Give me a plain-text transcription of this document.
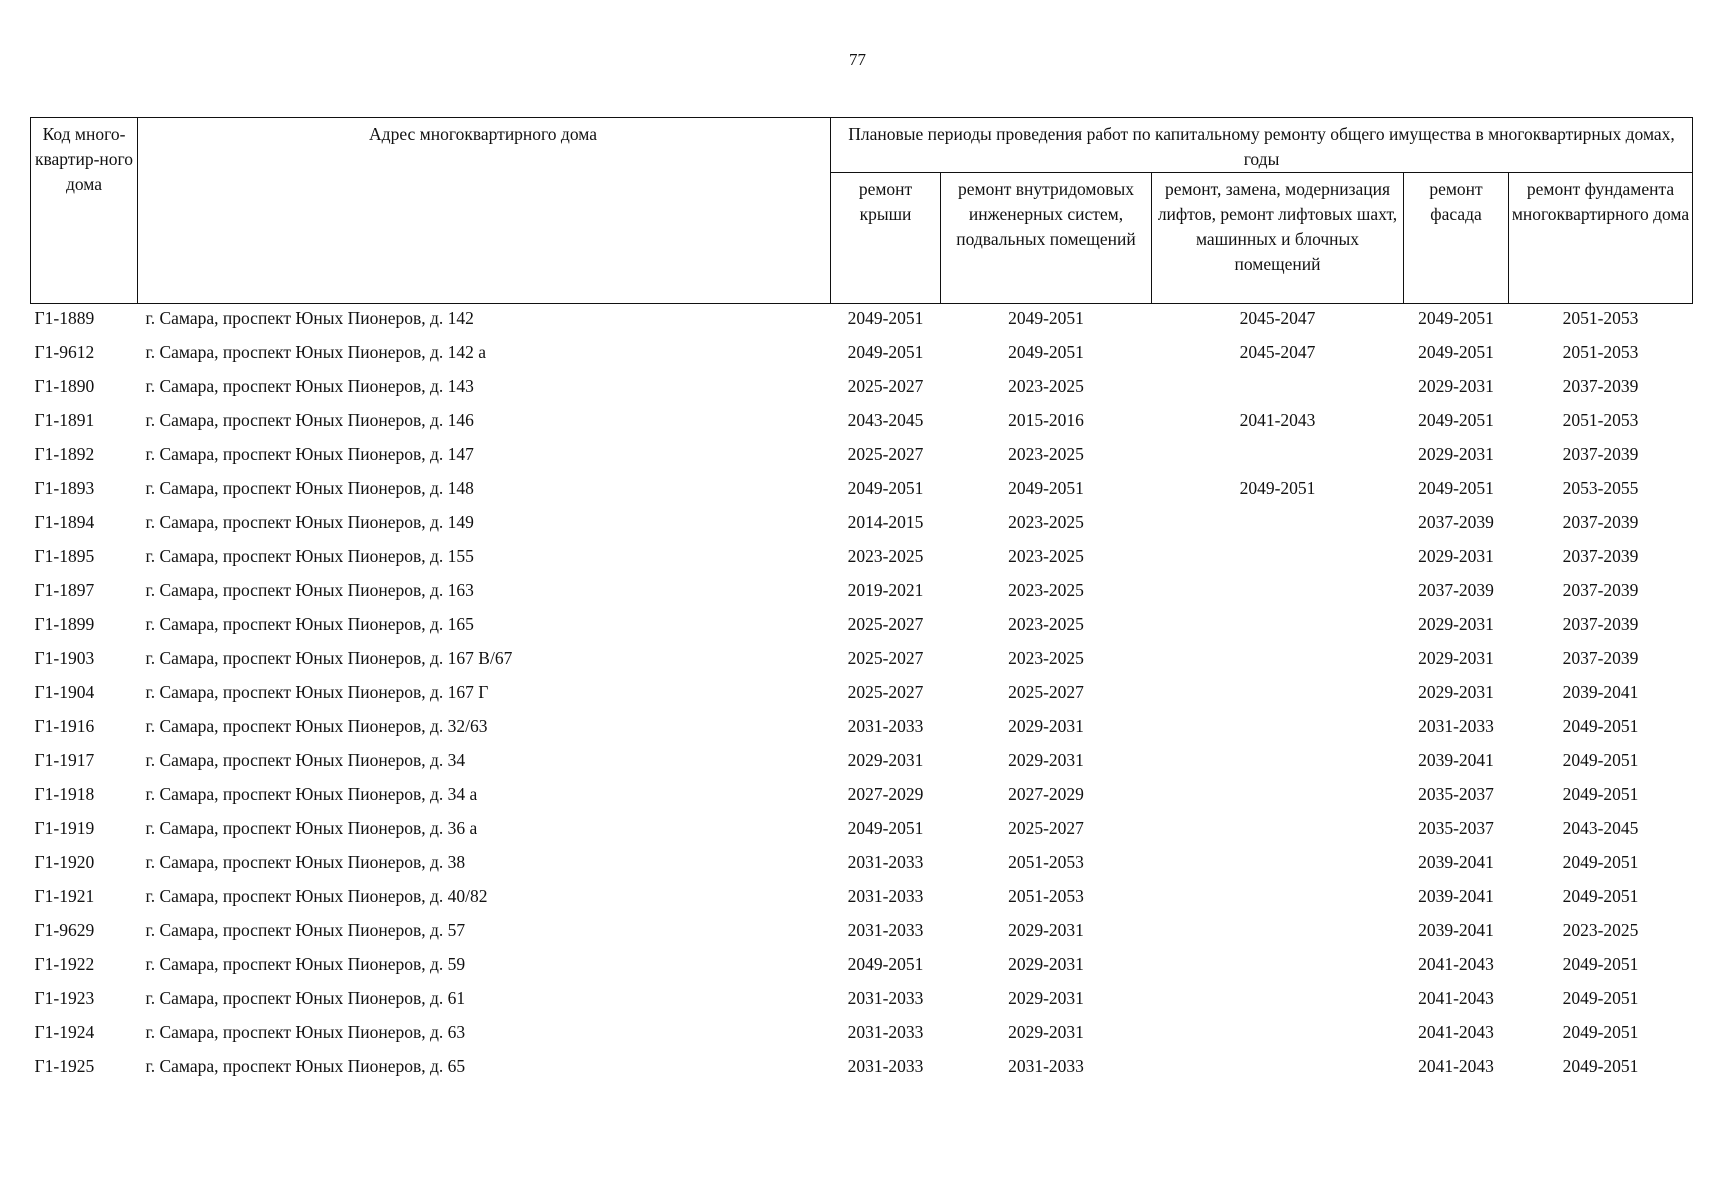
77
Код много-квартир-ного дома	Адрес многоквартирного дома	Плановые периоды проведения работ по капитальному ремонту общего имущества в многоквартирных домах, годы				
		ремонт крыши	ремонт внутридомовых инженерных систем, подвальных помещений	ремонт, замена, модернизация лифтов, ремонт лифтовых шахт, машинных и блочных помещений	ремонт фасада	ремонт фундамента многоквартирного дома
Г1-1889	г. Самара, проспект Юных Пионеров, д. 142	2049-2051	2049-2051	2045-2047	2049-2051	2051-2053
Г1-9612	г. Самара, проспект Юных Пионеров, д. 142 а	2049-2051	2049-2051	2045-2047	2049-2051	2051-2053
Г1-1890	г. Самара, проспект Юных Пионеров, д. 143	2025-2027	2023-2025		2029-2031	2037-2039
Г1-1891	г. Самара, проспект Юных Пионеров, д. 146	2043-2045	2015-2016	2041-2043	2049-2051	2051-2053
Г1-1892	г. Самара, проспект Юных Пионеров, д. 147	2025-2027	2023-2025		2029-2031	2037-2039
Г1-1893	г. Самара, проспект Юных Пионеров, д. 148	2049-2051	2049-2051	2049-2051	2049-2051	2053-2055
Г1-1894	г. Самара, проспект Юных Пионеров, д. 149	2014-2015	2023-2025		2037-2039	2037-2039
Г1-1895	г. Самара, проспект Юных Пионеров, д. 155	2023-2025	2023-2025		2029-2031	2037-2039
Г1-1897	г. Самара, проспект Юных Пионеров, д. 163	2019-2021	2023-2025		2037-2039	2037-2039
Г1-1899	г. Самара, проспект Юных Пионеров, д. 165	2025-2027	2023-2025		2029-2031	2037-2039
Г1-1903	г. Самара, проспект Юных Пионеров, д. 167 В/67	2025-2027	2023-2025		2029-2031	2037-2039
Г1-1904	г. Самара, проспект Юных Пионеров, д. 167 Г	2025-2027	2025-2027		2029-2031	2039-2041
Г1-1916	г. Самара, проспект Юных Пионеров, д. 32/63	2031-2033	2029-2031		2031-2033	2049-2051
Г1-1917	г. Самара, проспект Юных Пионеров, д. 34	2029-2031	2029-2031		2039-2041	2049-2051
Г1-1918	г. Самара, проспект Юных Пионеров, д. 34 а	2027-2029	2027-2029		2035-2037	2049-2051
Г1-1919	г. Самара, проспект Юных Пионеров, д. 36 а	2049-2051	2025-2027		2035-2037	2043-2045
Г1-1920	г. Самара, проспект Юных Пионеров, д. 38	2031-2033	2051-2053		2039-2041	2049-2051
Г1-1921	г. Самара, проспект Юных Пионеров, д. 40/82	2031-2033	2051-2053		2039-2041	2049-2051
Г1-9629	г. Самара, проспект Юных Пионеров, д. 57	2031-2033	2029-2031		2039-2041	2023-2025
Г1-1922	г. Самара, проспект Юных Пионеров, д. 59	2049-2051	2029-2031		2041-2043	2049-2051
Г1-1923	г. Самара, проспект Юных Пионеров, д. 61	2031-2033	2029-2031		2041-2043	2049-2051
Г1-1924	г. Самара, проспект Юных Пионеров, д. 63	2031-2033	2029-2031		2041-2043	2049-2051
Г1-1925	г. Самара, проспект Юных Пионеров, д. 65	2031-2033	2031-2033		2041-2043	2049-2051
